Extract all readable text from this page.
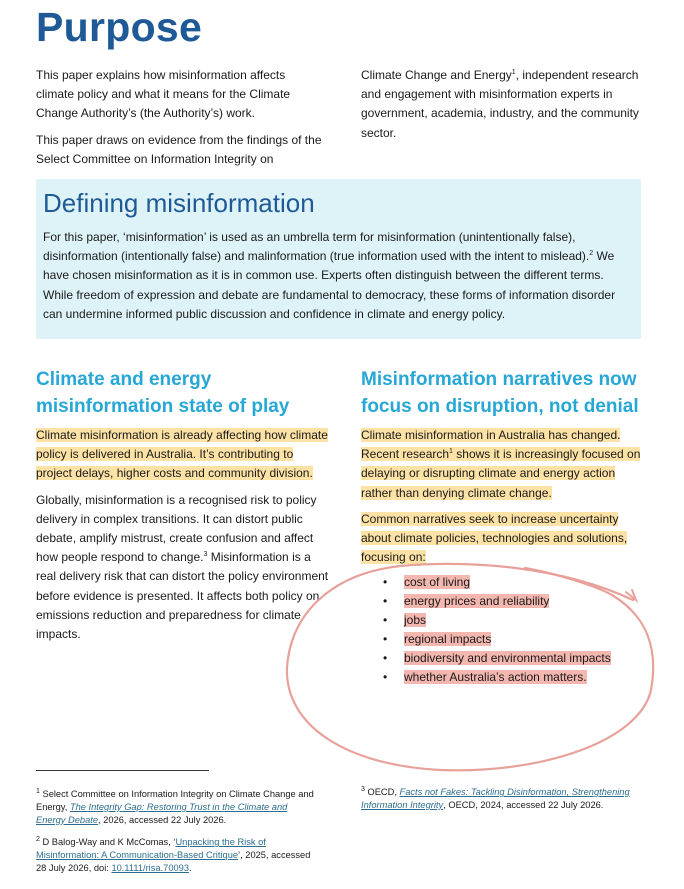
Purpose

This paper explains how misinformation affects climate policy and what it means for the Climate Change Authority’s (the Authority’s) work.

This paper draws on evidence from the findings of the Select Committee on Information Integrity on

Climate Change and Energy$^1$, independent research and engagement with misinformation experts in government, academia, industry, and the community sector.

Defining misinformation

For this paper, ‘misinformation’ is used as an umbrella term for misinformation (unintentionally false), disinformation (intentionally false) and malinformation (true information used with the intent to mislead).$^2$ We have chosen misinformation as it is in common use. Experts often distinguish between the different terms. While freedom of expression and debate are fundamental to democracy, these forms of information disorder can undermine informed public discussion and confidence in climate and energy policy.

Climate and energy misinformation state of play

Climate misinformation is already affecting how climate policy is delivered in Australia. It’s contributing to project delays, higher costs and community division.

Globally, misinformation is a recognised risk to policy delivery in complex transitions. It can distort public debate, amplify mistrust, create confusion and affect how people respond to change.$^3$ Misinformation is a real delivery risk that can distort the policy environment before evidence is presented. It affects both policy on emissions reduction and preparedness for climate impacts.

Misinformation narratives now focus on disruption, not denial

Climate misinformation in Australia has changed. Recent research$^1$ shows it is increasingly focused on delaying or disrupting climate and energy action rather than denying climate change.

Common narratives seek to increase uncertainty about climate policies, technologies and solutions, focusing on:

• cost of living
• energy prices and reliability
• jobs
• regional impacts
• biodiversity and environmental impacts
• whether Australia’s action matters.
$^1$ Select Committee on Information Integrity on Climate Change and Energy, The Integrity Gap: Restoring Trust in the Climate and Energy Debate, 2026, accessed 22 July 2026.
$^2$ D Balog-Way and K McComas, ‘Unpacking the Risk of Misinformation: A Communication-Based Critique’, 2025, accessed 28 July 2026, doi: 10.1111/risa.70093.
$^3$ OECD, Facts not Fakes: Tackling Disinformation, Strengthening Information Integrity, OECD, 2024, accessed 22 July 2026.
